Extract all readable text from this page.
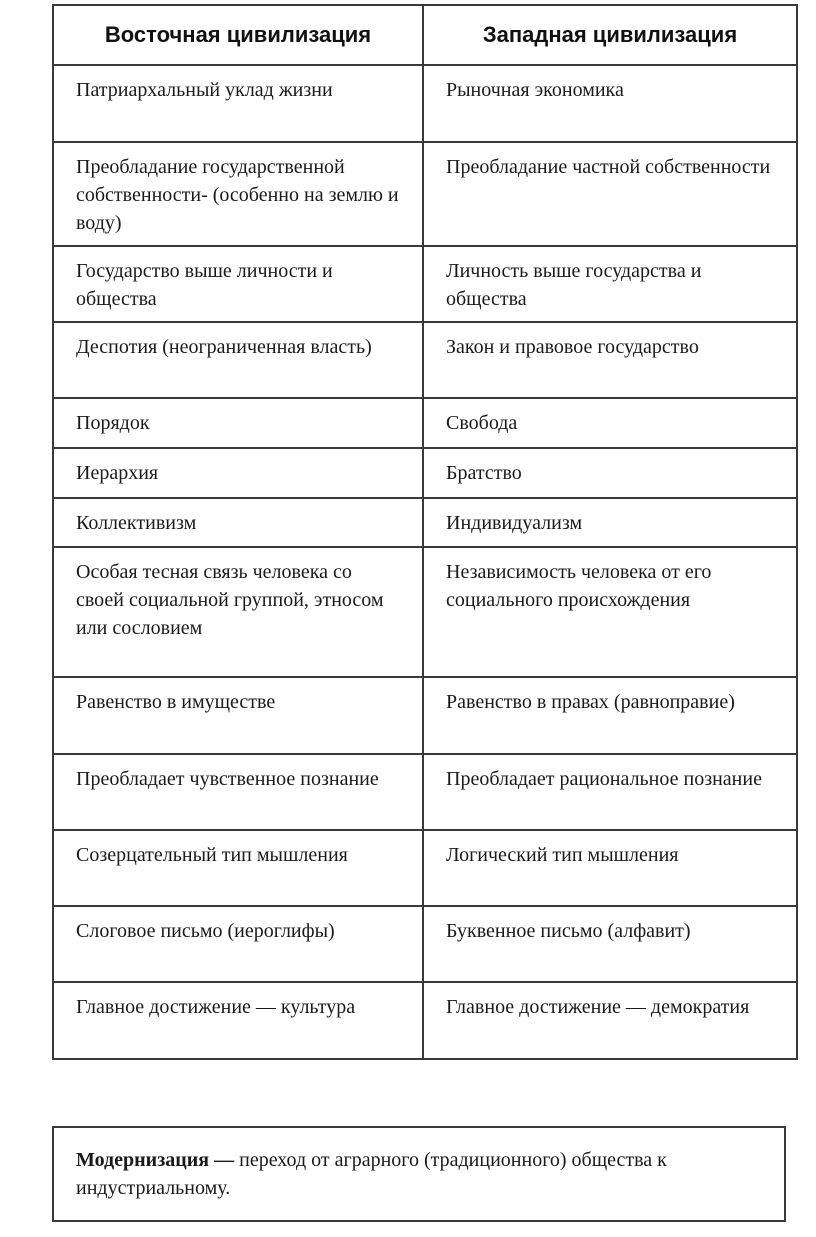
Восточная цивилизация	Западная цивилизация
Патриархальный уклад жизни	Рыночная экономика
Преобладание государственной собственности- (особенно на землю и воду)	Преобладание частной собственности
Государство выше личности и общества	Личность выше государства и общества
Деспотия (неограниченная власть)	Закон и правовое государство
Порядок	Свобода
Иерархия	Братство
Коллективизм	Индивидуализм
Особая тесная связь человека со своей социальной группой, этносом или сословием	Независимость человека от его социального происхождения
Равенство в имуществе	Равенство в правах (равноправие)
Преобладает чувственное познание	Преобладает рациональное познание
Созерцательный тип мышления	Логический тип мышления
Слоговое письмо (иероглифы)	Буквенное письмо (алфавит)
Главное достижение — культура	Главное достижение — демократия
Модернизация — переход от аграрного (традиционного) общества к индустриальному.
